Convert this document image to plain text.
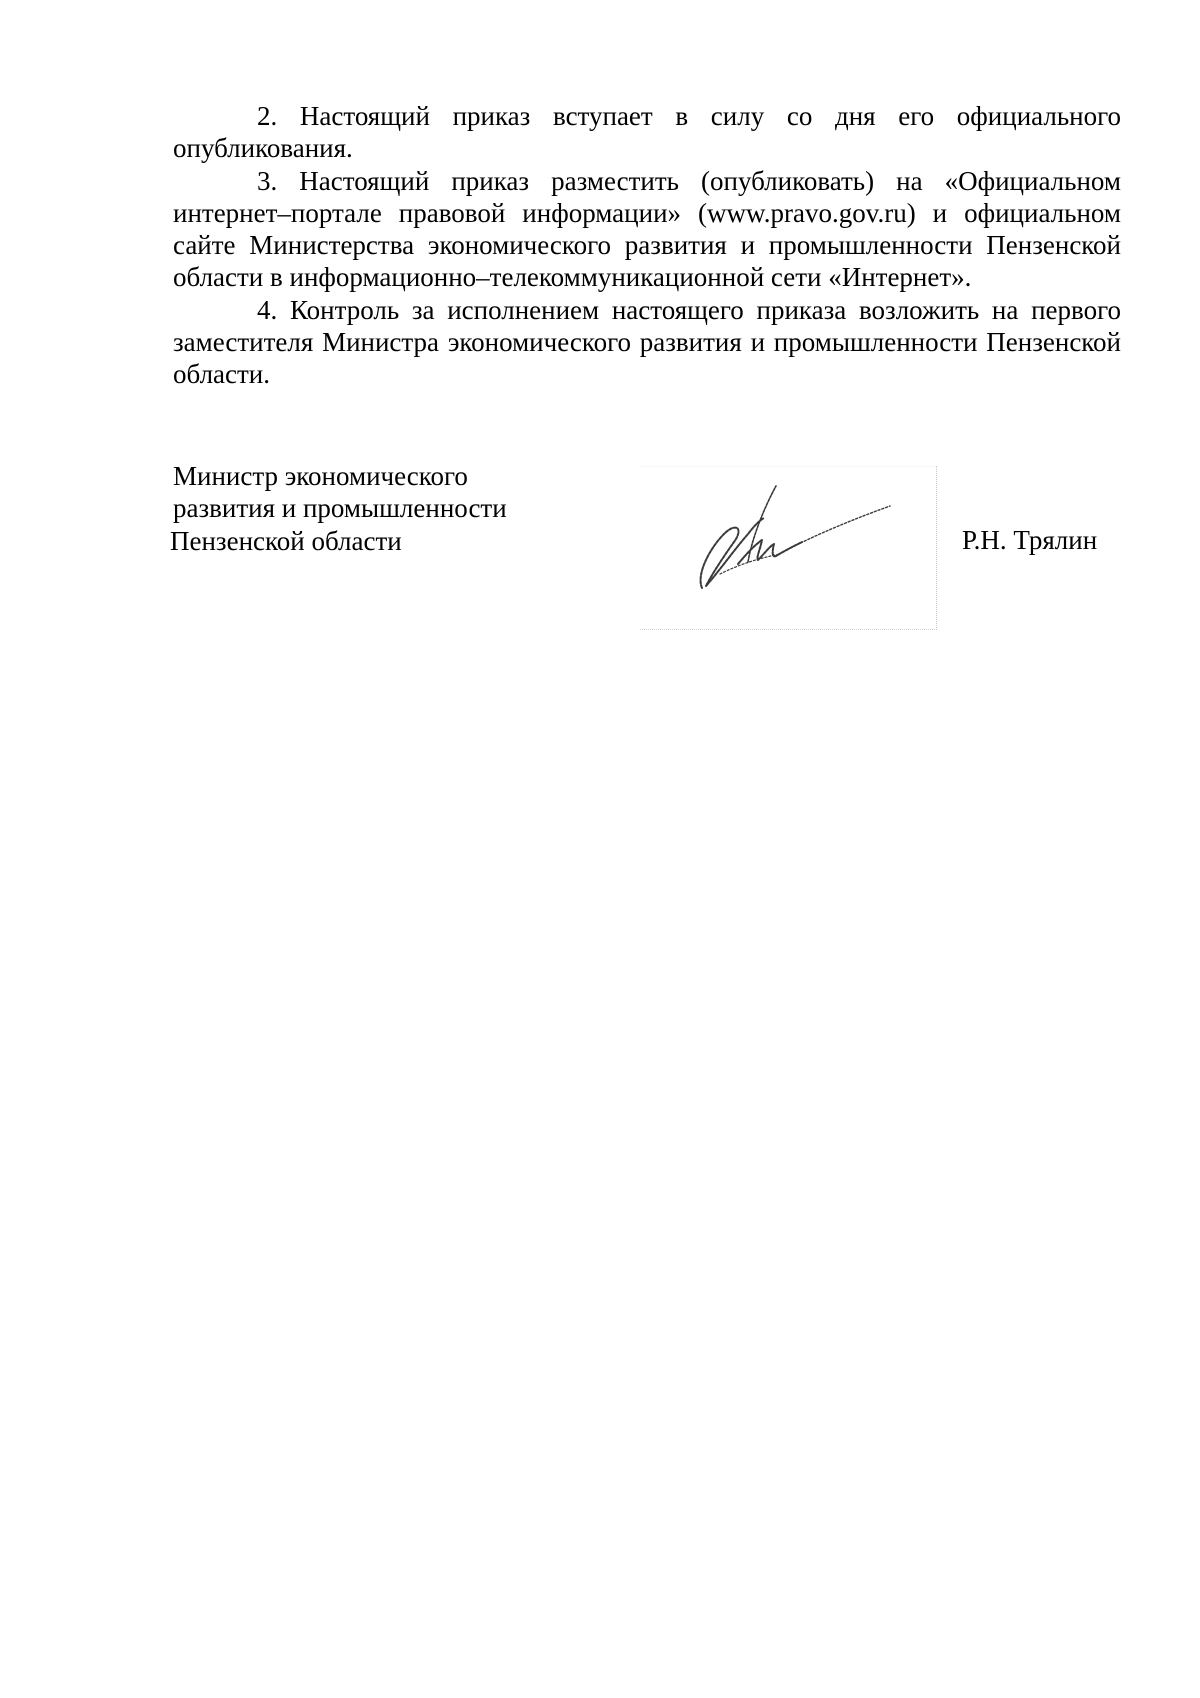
2. Настоящий приказ вступает в силу со дня его официального опубликования.

3. Настоящий приказ разместить (опубликовать) на «Официальном интернет–портале правовой информации» (www.pravo.gov.ru) и официальном сайте Министерства экономического развития и промышленности Пензенской области в информационно–телекоммуникационной сети «Интернет».

4. Контроль за исполнением настоящего приказа возложить на первого заместителя Министра экономического развития и промышленности Пензенской области.

Министр экономического

развития и промышленности

Пензенской области	Р.Н. Трялин
